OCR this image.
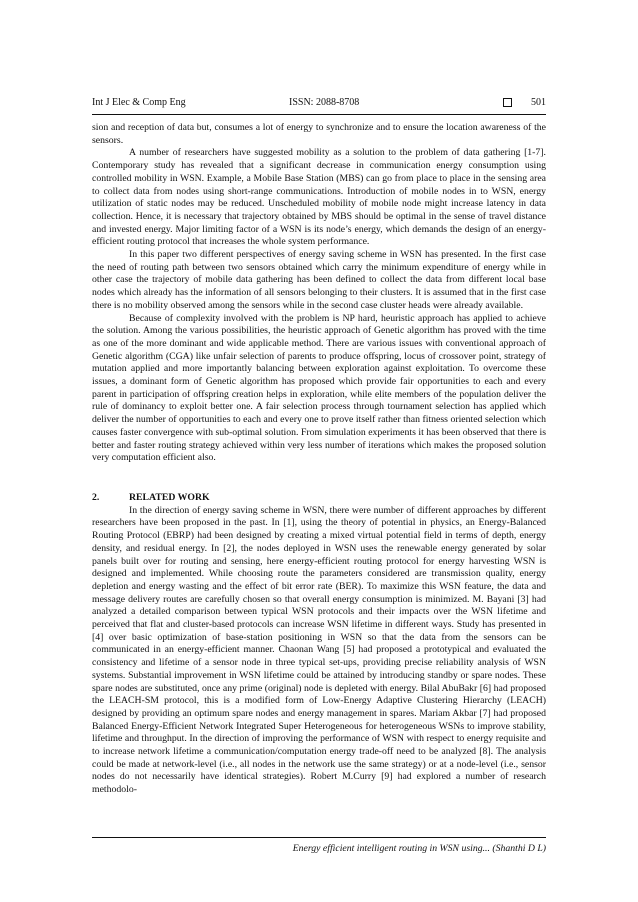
Int J Elec & Comp Eng	ISSN: 2088-8708	501

sion and reception of data but, consumes a lot of energy to synchronize and to ensure the location awareness of the sensors.

A number of researchers have suggested mobility as a solution to the problem of data gathering [1-7]. Contemporary study has revealed that a significant decrease in communication energy consumption using controlled mobility in WSN. Example, a Mobile Base Station (MBS) can go from place to place in the sensing area to collect data from nodes using short-range communications. Introduction of mobile nodes in to WSN, energy utilization of static nodes may be reduced. Unscheduled mobility of mobile node might increase latency in data collection. Hence, it is necessary that trajectory obtained by MBS should be optimal in the sense of travel distance and invested energy. Major limiting factor of a WSN is its node’s energy, which demands the design of an energy-efficient routing protocol that increases the whole system performance.

In this paper two different perspectives of energy saving scheme in WSN has presented. In the first case the need of routing path between two sensors obtained which carry the minimum expenditure of energy while in other case the trajectory of mobile data gathering has been defined to collect the data from different local base nodes which already has the information of all sensors belonging to their clusters. It is assumed that in the first case there is no mobility observed among the sensors while in the second case cluster heads were already available.

Because of complexity involved with the problem is NP hard, heuristic approach has applied to achieve the solution. Among the various possibilities, the heuristic approach of Genetic algorithm has proved with the time as one of the more dominant and wide applicable method. There are various issues with conventional approach of Genetic algorithm (CGA) like unfair selection of parents to produce offspring, locus of crossover point, strategy of mutation applied and more importantly balancing between exploration against exploitation. To overcome these issues, a dominant form of Genetic algorithm has proposed which provide fair opportunities to each and every parent in participation of offspring creation helps in exploration, while elite members of the population deliver the rule of dominancy to exploit better one. A fair selection process through tournament selection has applied which deliver the number of opportunities to each and every one to prove itself rather than fitness oriented selection which causes faster convergence with sub-optimal solution. From simulation experiments it has been observed that there is better and faster routing strategy achieved within very less number of iterations which makes the proposed solution very computation efficient also.

2.	RELATED WORK

In the direction of energy saving scheme in WSN, there were number of different approaches by different researchers have been proposed in the past. In [1], using the theory of potential in physics, an Energy-Balanced Routing Protocol (EBRP) had been designed by creating a mixed virtual potential field in terms of depth, energy density, and residual energy. In [2], the nodes deployed in WSN uses the renewable energy generated by solar panels built over for routing and sensing, here energy-efficient routing protocol for energy harvesting WSN is designed and implemented. While choosing route the parameters considered are transmission quality, energy depletion and energy wasting and the effect of bit error rate (BER). To maximize this WSN feature, the data and message delivery routes are carefully chosen so that overall energy consumption is minimized. M. Bayani [3] had analyzed a detailed comparison between typical WSN protocols and their impacts over the WSN lifetime and perceived that flat and cluster-based protocols can increase WSN lifetime in different ways. Study has presented in [4] over basic optimization of base-station positioning in WSN so that the data from the sensors can be communicated in an energy-efficient manner. Chaonan Wang [5] had proposed a prototypical and evaluated the consistency and lifetime of a sensor node in three typical set-ups, providing precise reliability analysis of WSN systems. Substantial improvement in WSN lifetime could be attained by introducing standby or spare nodes. These spare nodes are substituted, once any prime (original) node is depleted with energy. Bilal AbuBakr [6] had proposed the LEACH-SM protocol, this is a modified form of Low-Energy Adaptive Clustering Hierarchy (LEACH) designed by providing an optimum spare nodes and energy management in spares. Mariam Akbar [7] had proposed Balanced Energy-Efficient Network Integrated Super Heterogeneous for heterogeneous WSNs to improve stability, lifetime and throughput. In the direction of improving the performance of WSN with respect to energy requisite and to increase network lifetime a communication/computation energy trade-off need to be analyzed [8]. The analysis could be made at network-level (i.e., all nodes in the network use the same strategy) or at a node-level (i.e., sensor nodes do not necessarily have identical strategies). Robert M.Curry [9] had explored a number of research methodolo-

Energy efficient intelligent routing in WSN using... (Shanthi D L)
